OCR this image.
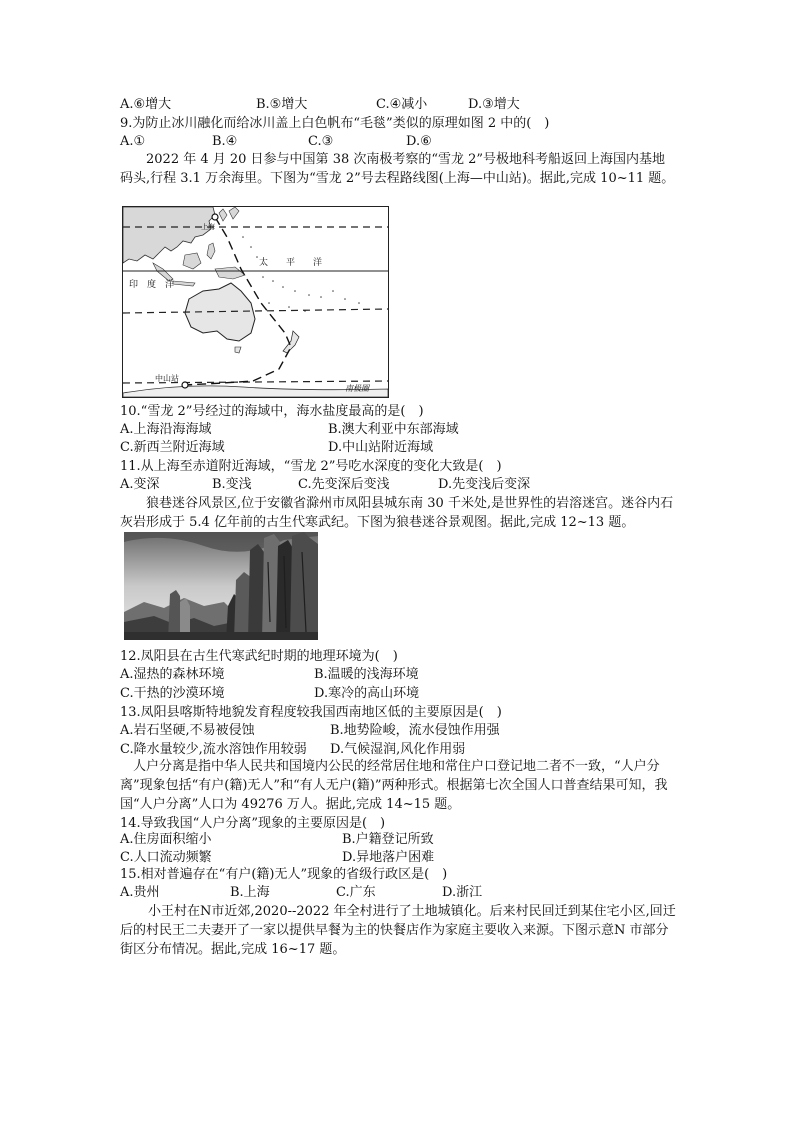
A.⑥增大	B.⑤增大	C.④减小	D.③增大
9.为防止冰川融化而给冰川盖上白色帆布“毛毯”类似的原理如图 2 中的(　)
A.①	B.④	C.③	D.⑥
2022 年 4 月 20 日参与中国第 38 次南极考察的“雪龙 2”号极地科考船返回上海国内基地码头,行程 3.1 万余海里。下图为“雪龙 2”号去程路线图(上海—中山站)。据此,完成 10~11 题。
上海
太　　平　　洋
印　度　洋
中山站
南极圈
10.“雪龙 2”号经过的海域中，海水盐度最高的是(　)
A.上海沿海海域	B.澳大利亚中东部海域
C.新西兰附近海域	D.中山站附近海域
11.从上海至赤道附近海域，“雪龙 2”号吃水深度的变化大致是(　)
A.变深	B.变浅	C.先变深后变浅	D.先变浅后变深
狼巷迷谷风景区,位于安徽省滁州市凤阳县城东南 30 千米处,是世界性的岩溶迷宫。迷谷内石灰岩形成于 5.4 亿年前的古生代寒武纪。下图为狼巷迷谷景观图。据此,完成 12~13 题。
12.凤阳县在古生代寒武纪时期的地理环境为(　)
A.湿热的森林环境	B.温暖的浅海环境
C.干热的沙漠环境	D.寒冷的高山环境
13.凤阳县喀斯特地貌发育程度较我国西南地区低的主要原因是(　)
A.岩石坚硬,不易被侵蚀	B.地势险峻，流水侵蚀作用强
C.降水量较少,流水溶蚀作用较弱 D.气候湿润,风化作用弱
人户分离是指中华人民共和国境内公民的经常居住地和常住户口登记地二者不一致，“人户分离”现象包括“有户(籍)无人”和“有人无户(籍)”两种形式。根据第七次全国人口普查结果可知，我国“人户分离”人口为 49276 万人。据此,完成 14~15 题。
14.导致我国“人户分离”现象的主要原因是(　)
A.住房面积缩小	B.户籍登记所致
C.人口流动频繁	D.异地落户困难
15.相对普遍存在“有户(籍)无人”现象的省级行政区是(　)
A.贵州	B.上海	C.广东	D.浙江
小王村在N市近郊,2020--2022 年全村进行了土地城镇化。后来村民回迁到某住宅小区,回迁后的村民王二夫妻开了一家以提供早餐为主的快餐店作为家庭主要收入来源。下图示意N 市部分街区分布情况。据此,完成 16~17 题。
